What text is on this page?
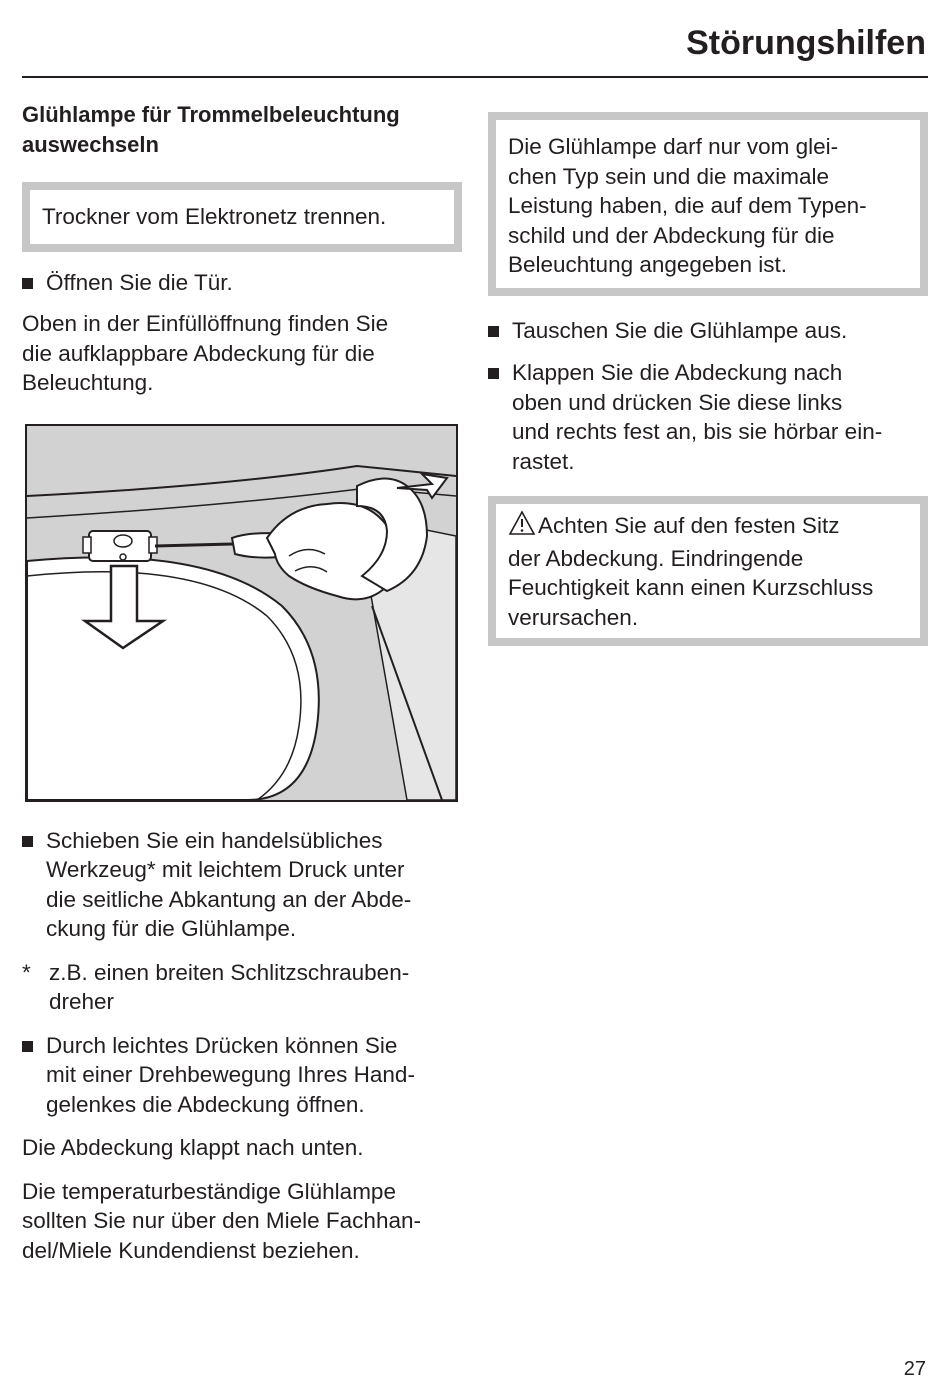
Störungshilfen
Glühlampe für Trommelbeleuchtung
auswechseln

Trockner vom Elektronetz trennen.

Öffnen Sie die Tür.

Oben in der Einfüllöffnung finden Sie

die aufklappbare Abdeckung für die

Beleuchtung.

Schieben Sie ein handelsübliches
Werkzeug* mit leichtem Druck unter
die seitliche Abkantung an der Abde-
ckung für die Glühlampe.
* z.B. einen breiten Schlitzschrauben-
dreher
Durch leichtes Drücken können Sie
mit einer Drehbewegung Ihres Hand-
gelenkes die Abdeckung öffnen.

Die Abdeckung klappt nach unten.

Die temperaturbeständige Glühlampe

sollten Sie nur über den Miele Fachhan-

del/Miele Kundendienst beziehen.

Die Glühlampe darf nur vom glei-

chen Typ sein und die maximale

Leistung haben, die auf dem Typen-

schild und der Abdeckung für die

Beleuchtung angegeben ist.

Tauschen Sie die Glühlampe aus.
Klappen Sie die Abdeckung nach
oben und drücken Sie diese links
und rechts fest an, bis sie hörbar ein-
rastet.

Achten Sie auf den festen Sitz

der Abdeckung. Eindringende

Feuchtigkeit kann einen Kurzschluss

verursachen.

27
